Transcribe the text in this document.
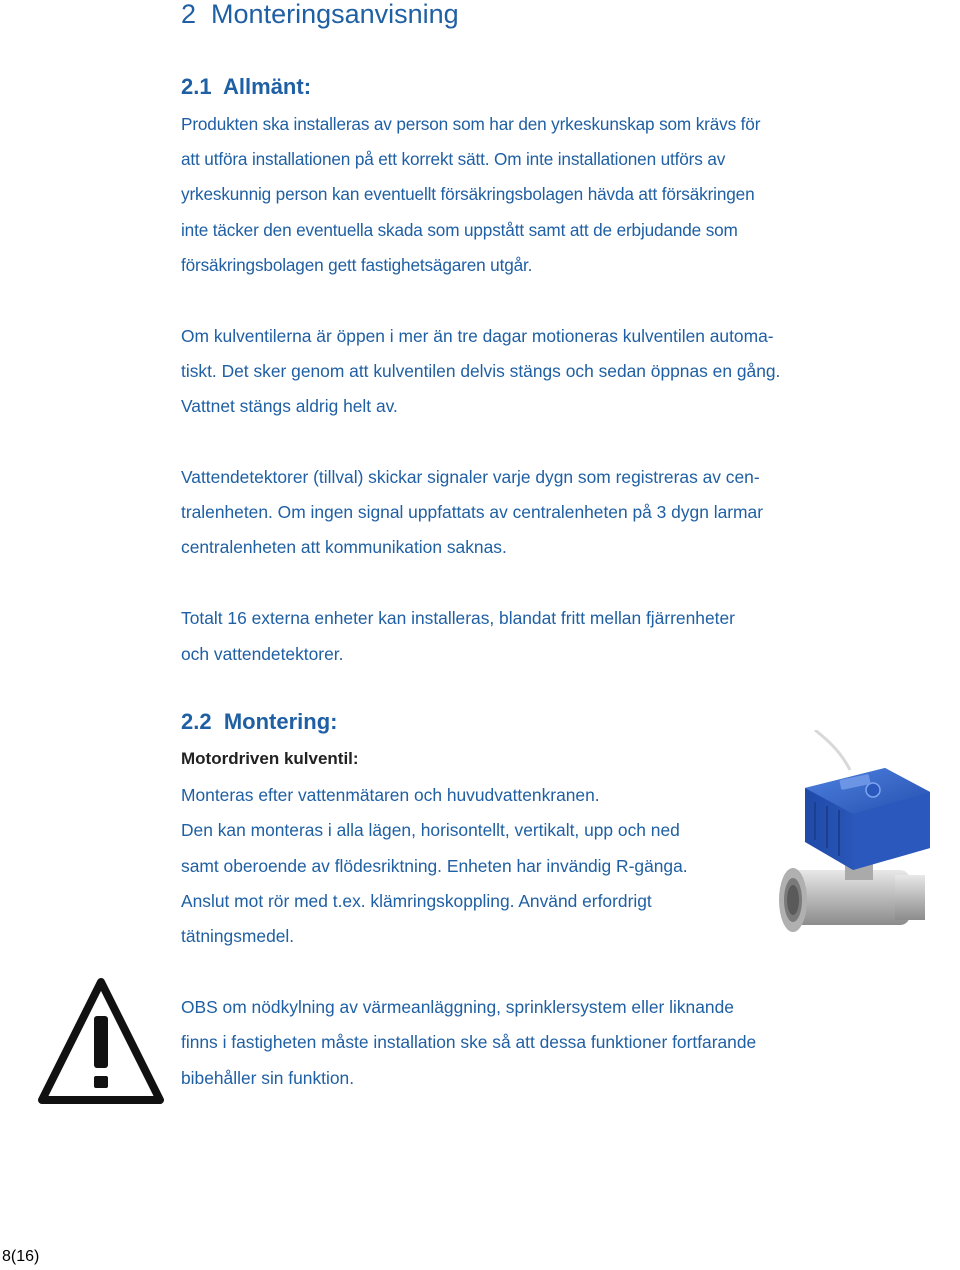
2 Monteringsanvisning
2.1 Allmänt:
Produkten ska installeras av person som har den yrkeskunskap som krävs för
att utföra installationen på ett korrekt sätt. Om inte installationen utförs av
yrkeskunnig person kan eventuellt försäkringsbolagen hävda att försäkringen
inte täcker den eventuella skada som uppstått samt att de erbjudande som
försäkringsbolagen gett fastighetsägaren utgår.
Om kulventilerna är öppen i mer än tre dagar motioneras kulventilen automa-
tiskt. Det sker genom att kulventilen delvis stängs och sedan öppnas en gång.
Vattnet stängs aldrig helt av.
Vattendetektorer (tillval) skickar signaler varje dygn som registreras av cen-
tralenheten. Om ingen signal uppfattats av centralenheten på 3 dygn larmar
centralenheten att kommunikation saknas.
Totalt 16 externa enheter kan installeras, blandat fritt mellan fjärrenheter
och vattendetektorer.
2.2 Montering:
Motordriven kulventil:
Monteras efter vattenmätaren och huvudvattenkranen.
Den kan monteras i alla lägen, horisontellt, vertikalt, upp och ned
samt oberoende av flödesriktning. Enheten har invändig R-gänga.
Anslut mot rör med t.ex. klämringskoppling. Använd erfordrigt
tätningsmedel.
OBS om nödkylning av värmeanläggning, sprinklersystem eller liknande
finns i fastigheten måste installation ske så att dessa funktioner fortfarande
bibehåller sin funktion.
8(16)
